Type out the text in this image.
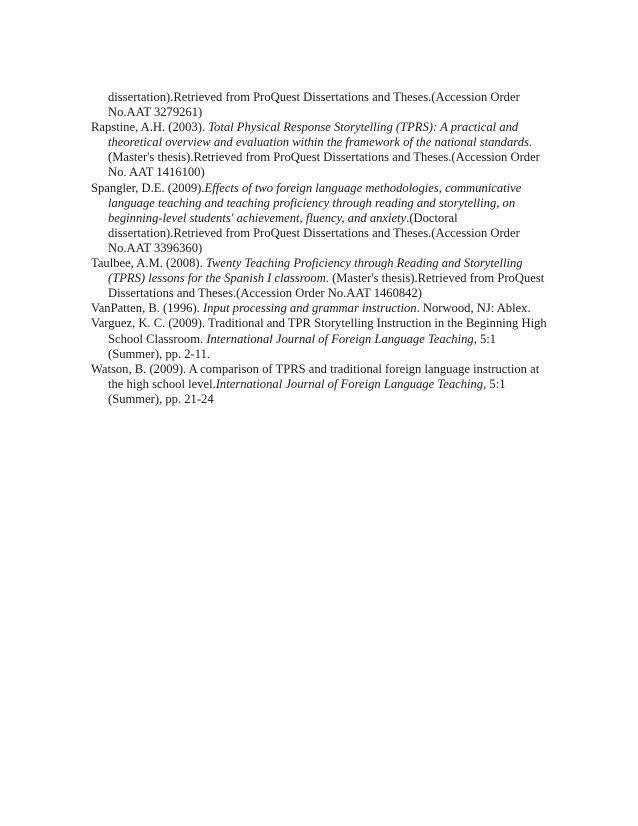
dissertation).Retrieved from ProQuest Dissertations and Theses.(Accession Order No.AAT 3279261)

Rapstine, A.H. (2003). Total Physical Response Storytelling (TPRS): A practical and theoretical overview and evaluation within the framework of the national standards. (Master's thesis).Retrieved from ProQuest Dissertations and Theses.(Accession Order No. AAT 1416100)

Spangler, D.E. (2009).Effects of two foreign language methodologies, communicative language teaching and teaching proficiency through reading and storytelling, on beginning-level students' achievement, fluency, and anxiety.(Doctoral dissertation).Retrieved from ProQuest Dissertations and Theses.(Accession Order No.AAT 3396360)

Taulbee, A.M. (2008). Twenty Teaching Proficiency through Reading and Storytelling (TPRS) lessons for the Spanish I classroom. (Master's thesis).Retrieved from ProQuest Dissertations and Theses.(Accession Order No.AAT 1460842)

VanPatten, B. (1996). Input processing and grammar instruction. Norwood, NJ: Ablex.

Varguez, K. C. (2009). Traditional and TPR Storytelling Instruction in the Beginning High School Classroom. International Journal of Foreign Language Teaching, 5:1 (Summer), pp. 2-11.

Watson, B. (2009). A comparison of TPRS and traditional foreign language instruction at the high school level.International Journal of Foreign Language Teaching, 5:1 (Summer), pp. 21-24
